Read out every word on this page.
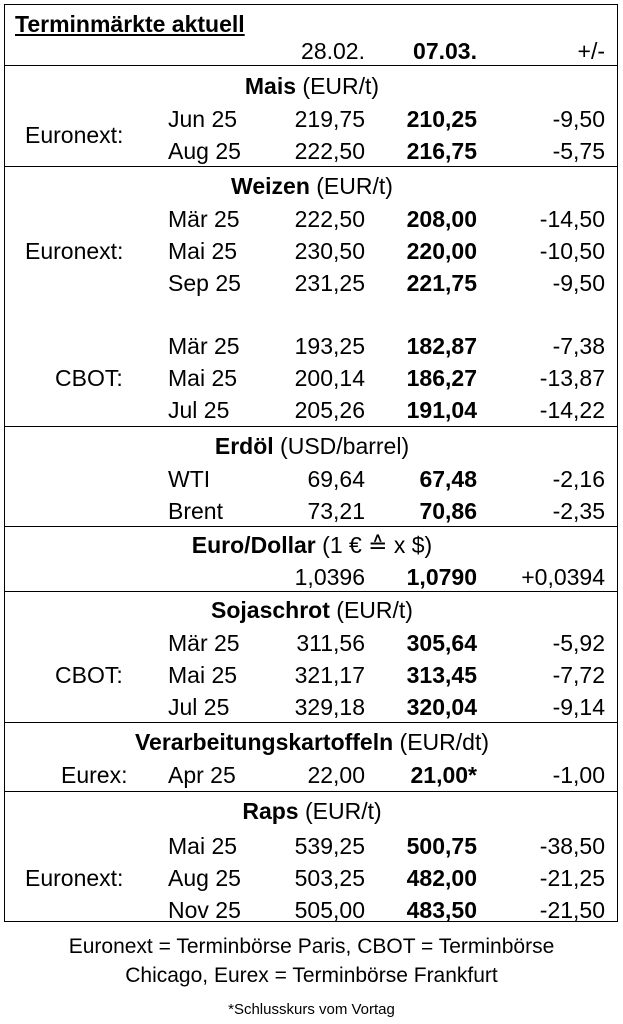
Terminmärkte aktuell
28.02.	07.03.	+/-
Mais (EUR/t)
Euronext:
Jun 25	219,75	210,25	-9,50
Aug 25	222,50	216,75	-5,75
Weizen (EUR/t)
Euronext:
Mär 25	222,50	208,00	-14,50
Mai 25	230,50	220,00	-10,50
Sep 25	231,25	221,75	-9,50
CBOT:
Mär 25	193,25	182,87	-7,38
Mai 25	200,14	186,27	-13,87
Jul 25	205,26	191,04	-14,22
Erdöl (USD/barrel)
WTI	69,64	67,48	-2,16
Brent	73,21	70,86	-2,35
Euro/Dollar (1 € ≙ x $)
1,0396	1,0790	+0,0394
Sojaschrot (EUR/t)
CBOT:
Mär 25	311,56	305,64	-5,92
Mai 25	321,17	313,45	-7,72
Jul 25	329,18	320,04	-9,14
Verarbeitungskartoffeln (EUR/dt)
Eurex: Apr 25	22,00	21,00*	-1,00
Raps (EUR/t)
Euronext:
Mai 25	539,25	500,75	-38,50
Aug 25	503,25	482,00	-21,25
Nov 25	505,00	483,50	-21,50
Euronext = Terminbörse Paris, CBOT = Terminbörse
Chicago, Eurex = Terminbörse Frankfurt
*Schlusskurs vom Vortag
